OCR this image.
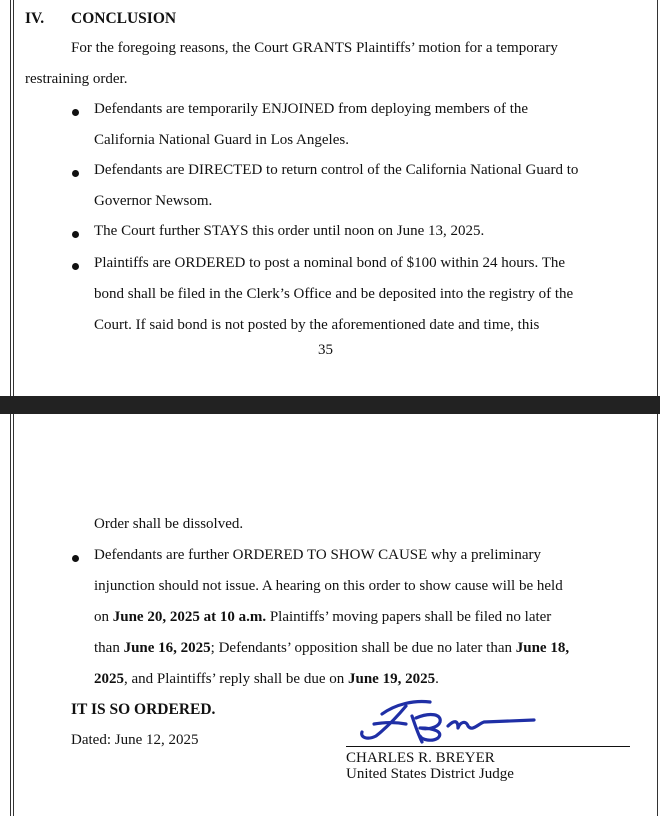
IV. CONCLUSION
For the foregoing reasons, the Court GRANTS Plaintiffs’ motion for a temporary
restraining order.
Defendants are temporarily ENJOINED from deploying members of the
California National Guard in Los Angeles.
Defendants are DIRECTED to return control of the California National Guard to
Governor Newsom.
The Court further STAYS this order until noon on June 13, 2025.
Plaintiffs are ORDERED to post a nominal bond of $100 within 24 hours. The
bond shall be filed in the Clerk’s Office and be deposited into the registry of the
Court. If said bond is not posted by the aforementioned date and time, this
35
Order shall be dissolved.
Defendants are further ORDERED TO SHOW CAUSE why a preliminary
injunction should not issue. A hearing on this order to show cause will be held
on June 20, 2025 at 10 a.m. Plaintiffs’ moving papers shall be filed no later
than June 16, 2025; Defendants’ opposition shall be due no later than June 18,
2025, and Plaintiffs’ reply shall be due on June 19, 2025.
IT IS SO ORDERED.
Dated: June 12, 2025
CHARLES R. BREYER
United States District Judge
